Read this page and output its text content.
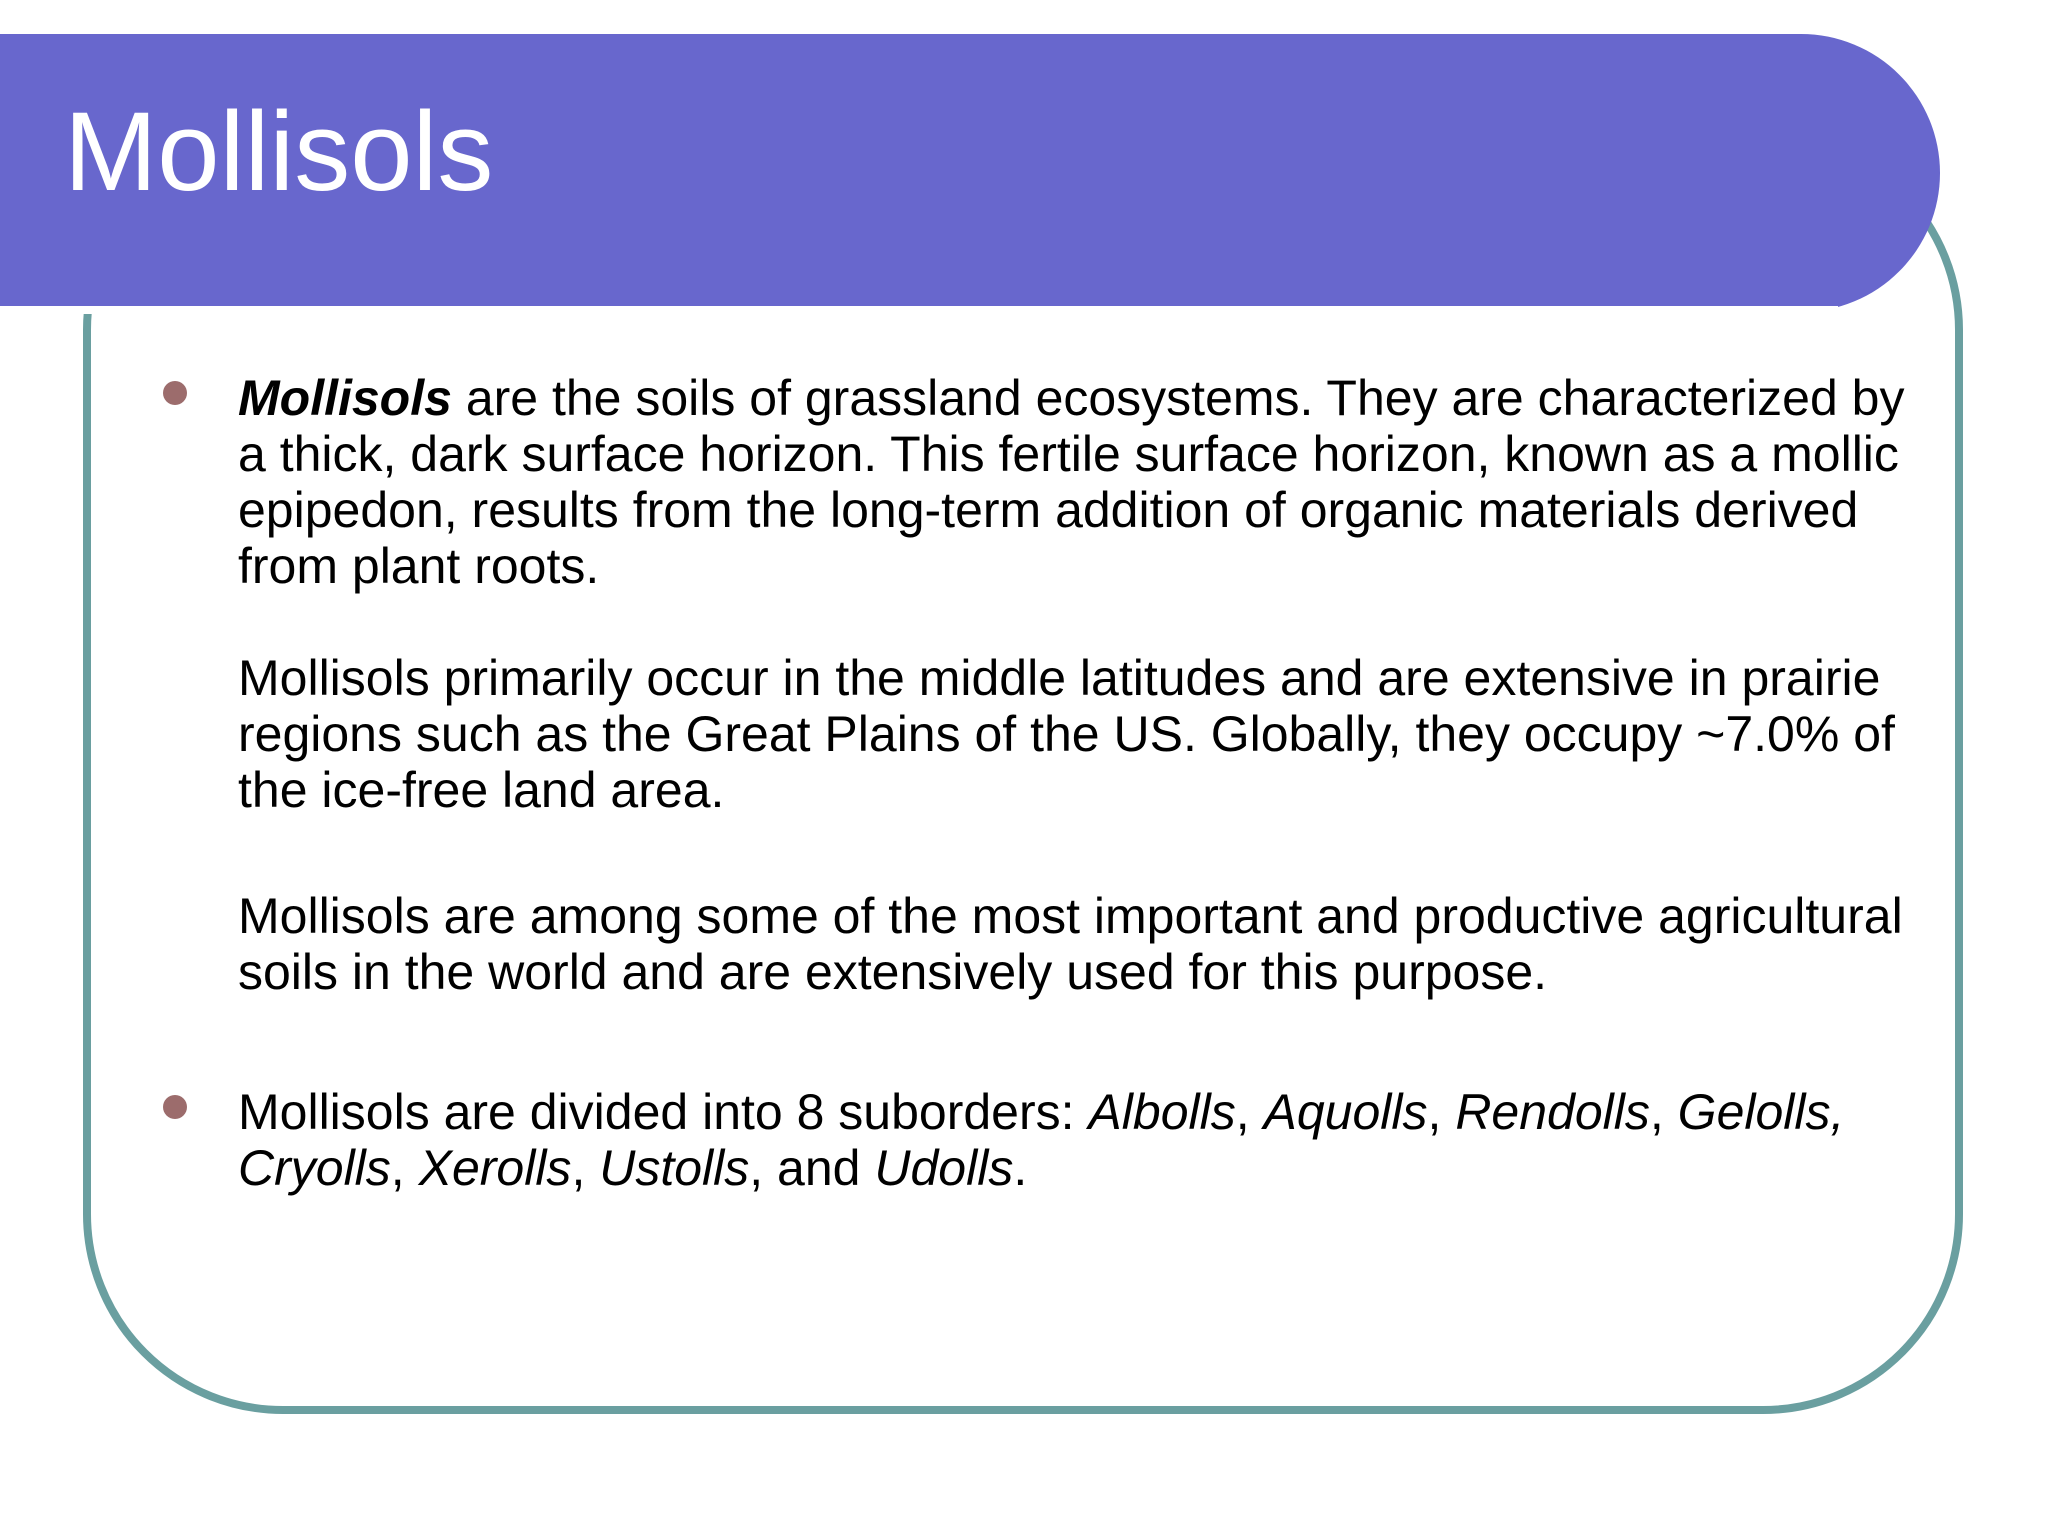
Mollisols

Mollisols are the soils of grassland ecosystems. They are characterized by a thick, dark surface horizon. This fertile surface horizon, known as a mollic epipedon, results from the long-term addition of organic materials derived from plant roots.

Mollisols primarily occur in the middle latitudes and are extensive in prairie regions such as the Great Plains of the US. Globally, they occupy ~7.0% of the ice-free land area.

Mollisols are among some of the most important and productive agricultural soils in the world and are extensively used for this purpose.

Mollisols are divided into 8 suborders: Albolls, Aquolls, Rendolls, Gelolls, Cryolls, Xerolls, Ustolls, and Udolls.
